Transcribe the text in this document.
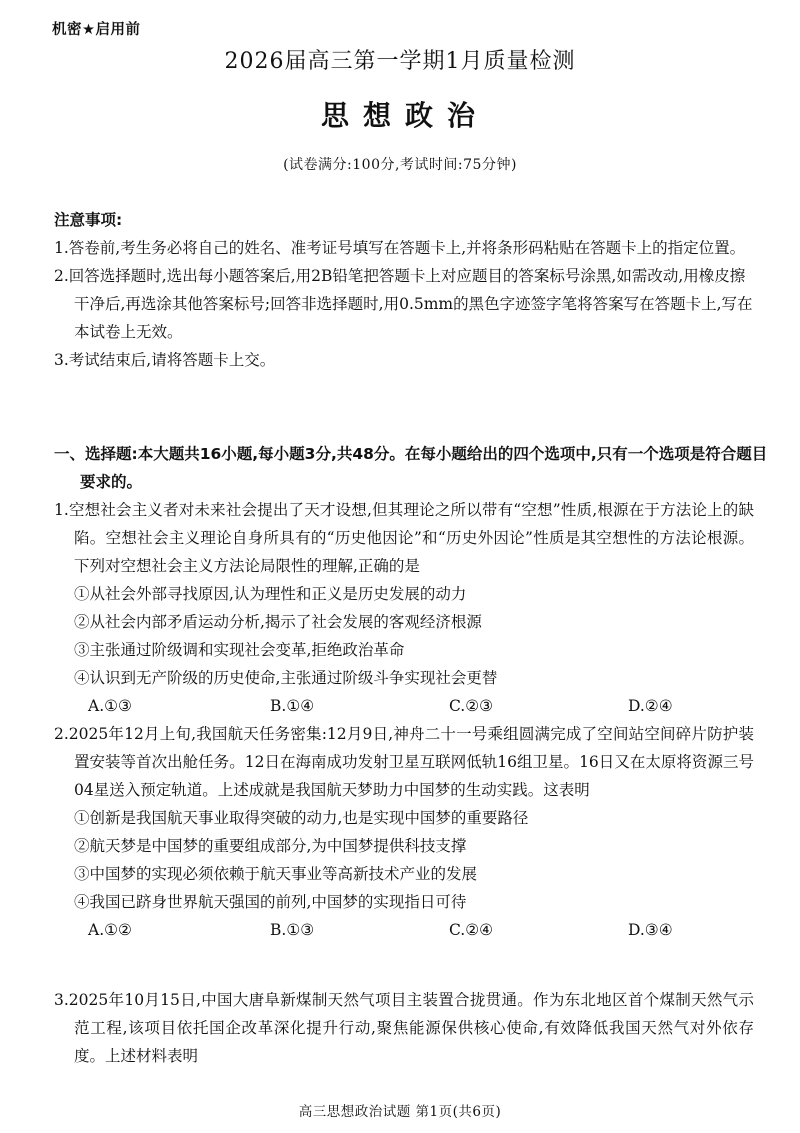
机密★启用前
2026届高三第一学期1月质量检测
思想政治
(试卷满分:100分,考试时间:75分钟)
注意事项:
1.答卷前,考生务必将自己的姓名、准考证号填写在答题卡上,并将条形码粘贴在答题卡上的指定位置。
2.回答选择题时,选出每小题答案后,用2B铅笔把答题卡上对应题目的答案标号涂黑,如需改动,用橡皮擦干净后,再选涂其他答案标号;回答非选择题时,用0.5mm的黑色字迹签字笔将答案写在答题卡上,写在本试卷上无效。
3.考试结束后,请将答题卡上交。
一、选择题:本大题共16小题,每小题3分,共48分。在每小题给出的四个选项中,只有一个选项是符合题目要求的。
1.空想社会主义者对未来社会提出了天才设想,但其理论之所以带有“空想”性质,根源在于方法论上的缺陷。空想社会主义理论自身所具有的“历史他因论”和“历史外因论”性质是其空想性的方法论根源。下列对空想社会主义方法论局限性的理解,正确的是
①从社会外部寻找原因,认为理性和正义是历史发展的动力
②从社会内部矛盾运动分析,揭示了社会发展的客观经济根源
③主张通过阶级调和实现社会变革,拒绝政治革命
④认识到无产阶级的历史使命,主张通过阶级斗争实现社会更替
A.①③	B.①④	C.②③	D.②④
2.2025年12月上旬,我国航天任务密集:12月9日,神舟二十一号乘组圆满完成了空间站空间碎片防护装置安装等首次出舱任务。12日在海南成功发射卫星互联网低轨16组卫星。16日又在太原将资源三号04星送入预定轨道。上述成就是我国航天梦助力中国梦的生动实践。这表明
①创新是我国航天事业取得突破的动力,也是实现中国梦的重要路径
②航天梦是中国梦的重要组成部分,为中国梦提供科技支撑
③中国梦的实现必须依赖于航天事业等高新技术产业的发展
④我国已跻身世界航天强国的前列,中国梦的实现指日可待
A.①②	B.①③	C.②④	D.③④
3.2025年10月15日,中国大唐阜新煤制天然气项目主装置合拢贯通。作为东北地区首个煤制天然气示范工程,该项目依托国企改革深化提升行动,聚焦能源保供核心使命,有效降低我国天然气对外依存度。上述材料表明
高三思想政治试题 第1页(共6页)
